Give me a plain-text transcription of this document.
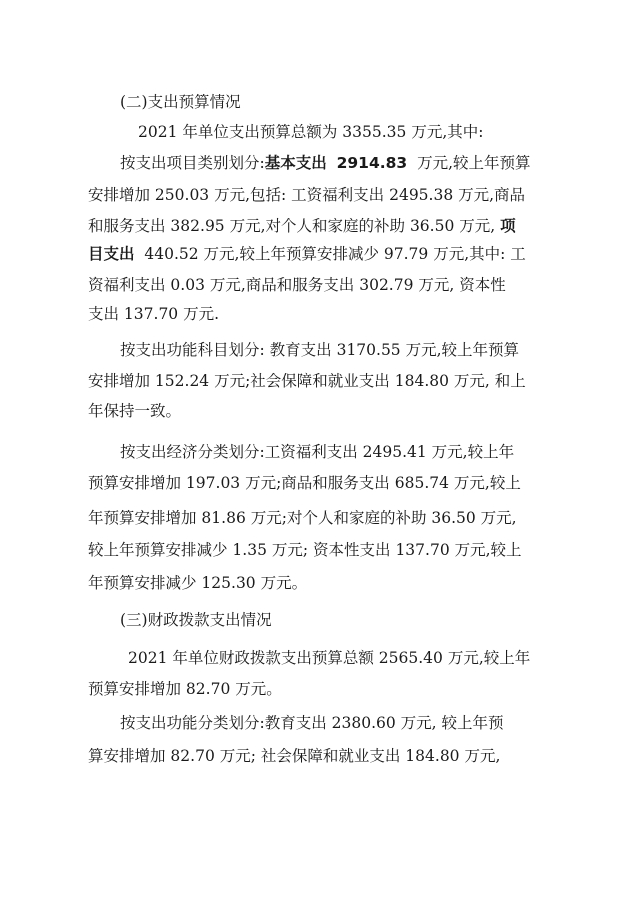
(二)支出预算情况
2021 年单位支出预算总额为 3355.35 万元,其中:
按支出项目类别划分:基本支出 2914.83 万元,较上年预算
安排增加 250.03 万元,包括: 工资福利支出 2495.38 万元,商品
和服务支出 382.95 万元,对个人和家庭的补助 36.50 万元, 项
目支出 440.52 万元,较上年预算安排减少 97.79 万元,其中: 工
资福利支出 0.03 万元,商品和服务支出 302.79 万元, 资本性
支出 137.70 万元.
按支出功能科目划分: 教育支出 3170.55 万元,较上年预算
安排增加 152.24 万元;社会保障和就业支出 184.80 万元, 和上
年保持一致。
按支出经济分类划分:工资福利支出 2495.41 万元,较上年
预算安排增加 197.03 万元;商品和服务支出 685.74 万元,较上
年预算安排增加 81.86 万元;对个人和家庭的补助 36.50 万元,
较上年预算安排减少 1.35 万元; 资本性支出 137.70 万元,较上
年预算安排减少 125.30 万元。
(三)财政拨款支出情况
2021 年单位财政拨款支出预算总额 2565.40 万元,较上年
预算安排增加 82.70 万元。
按支出功能分类划分:教育支出 2380.60 万元, 较上年预
算安排增加 82.70 万元; 社会保障和就业支出 184.80 万元,
